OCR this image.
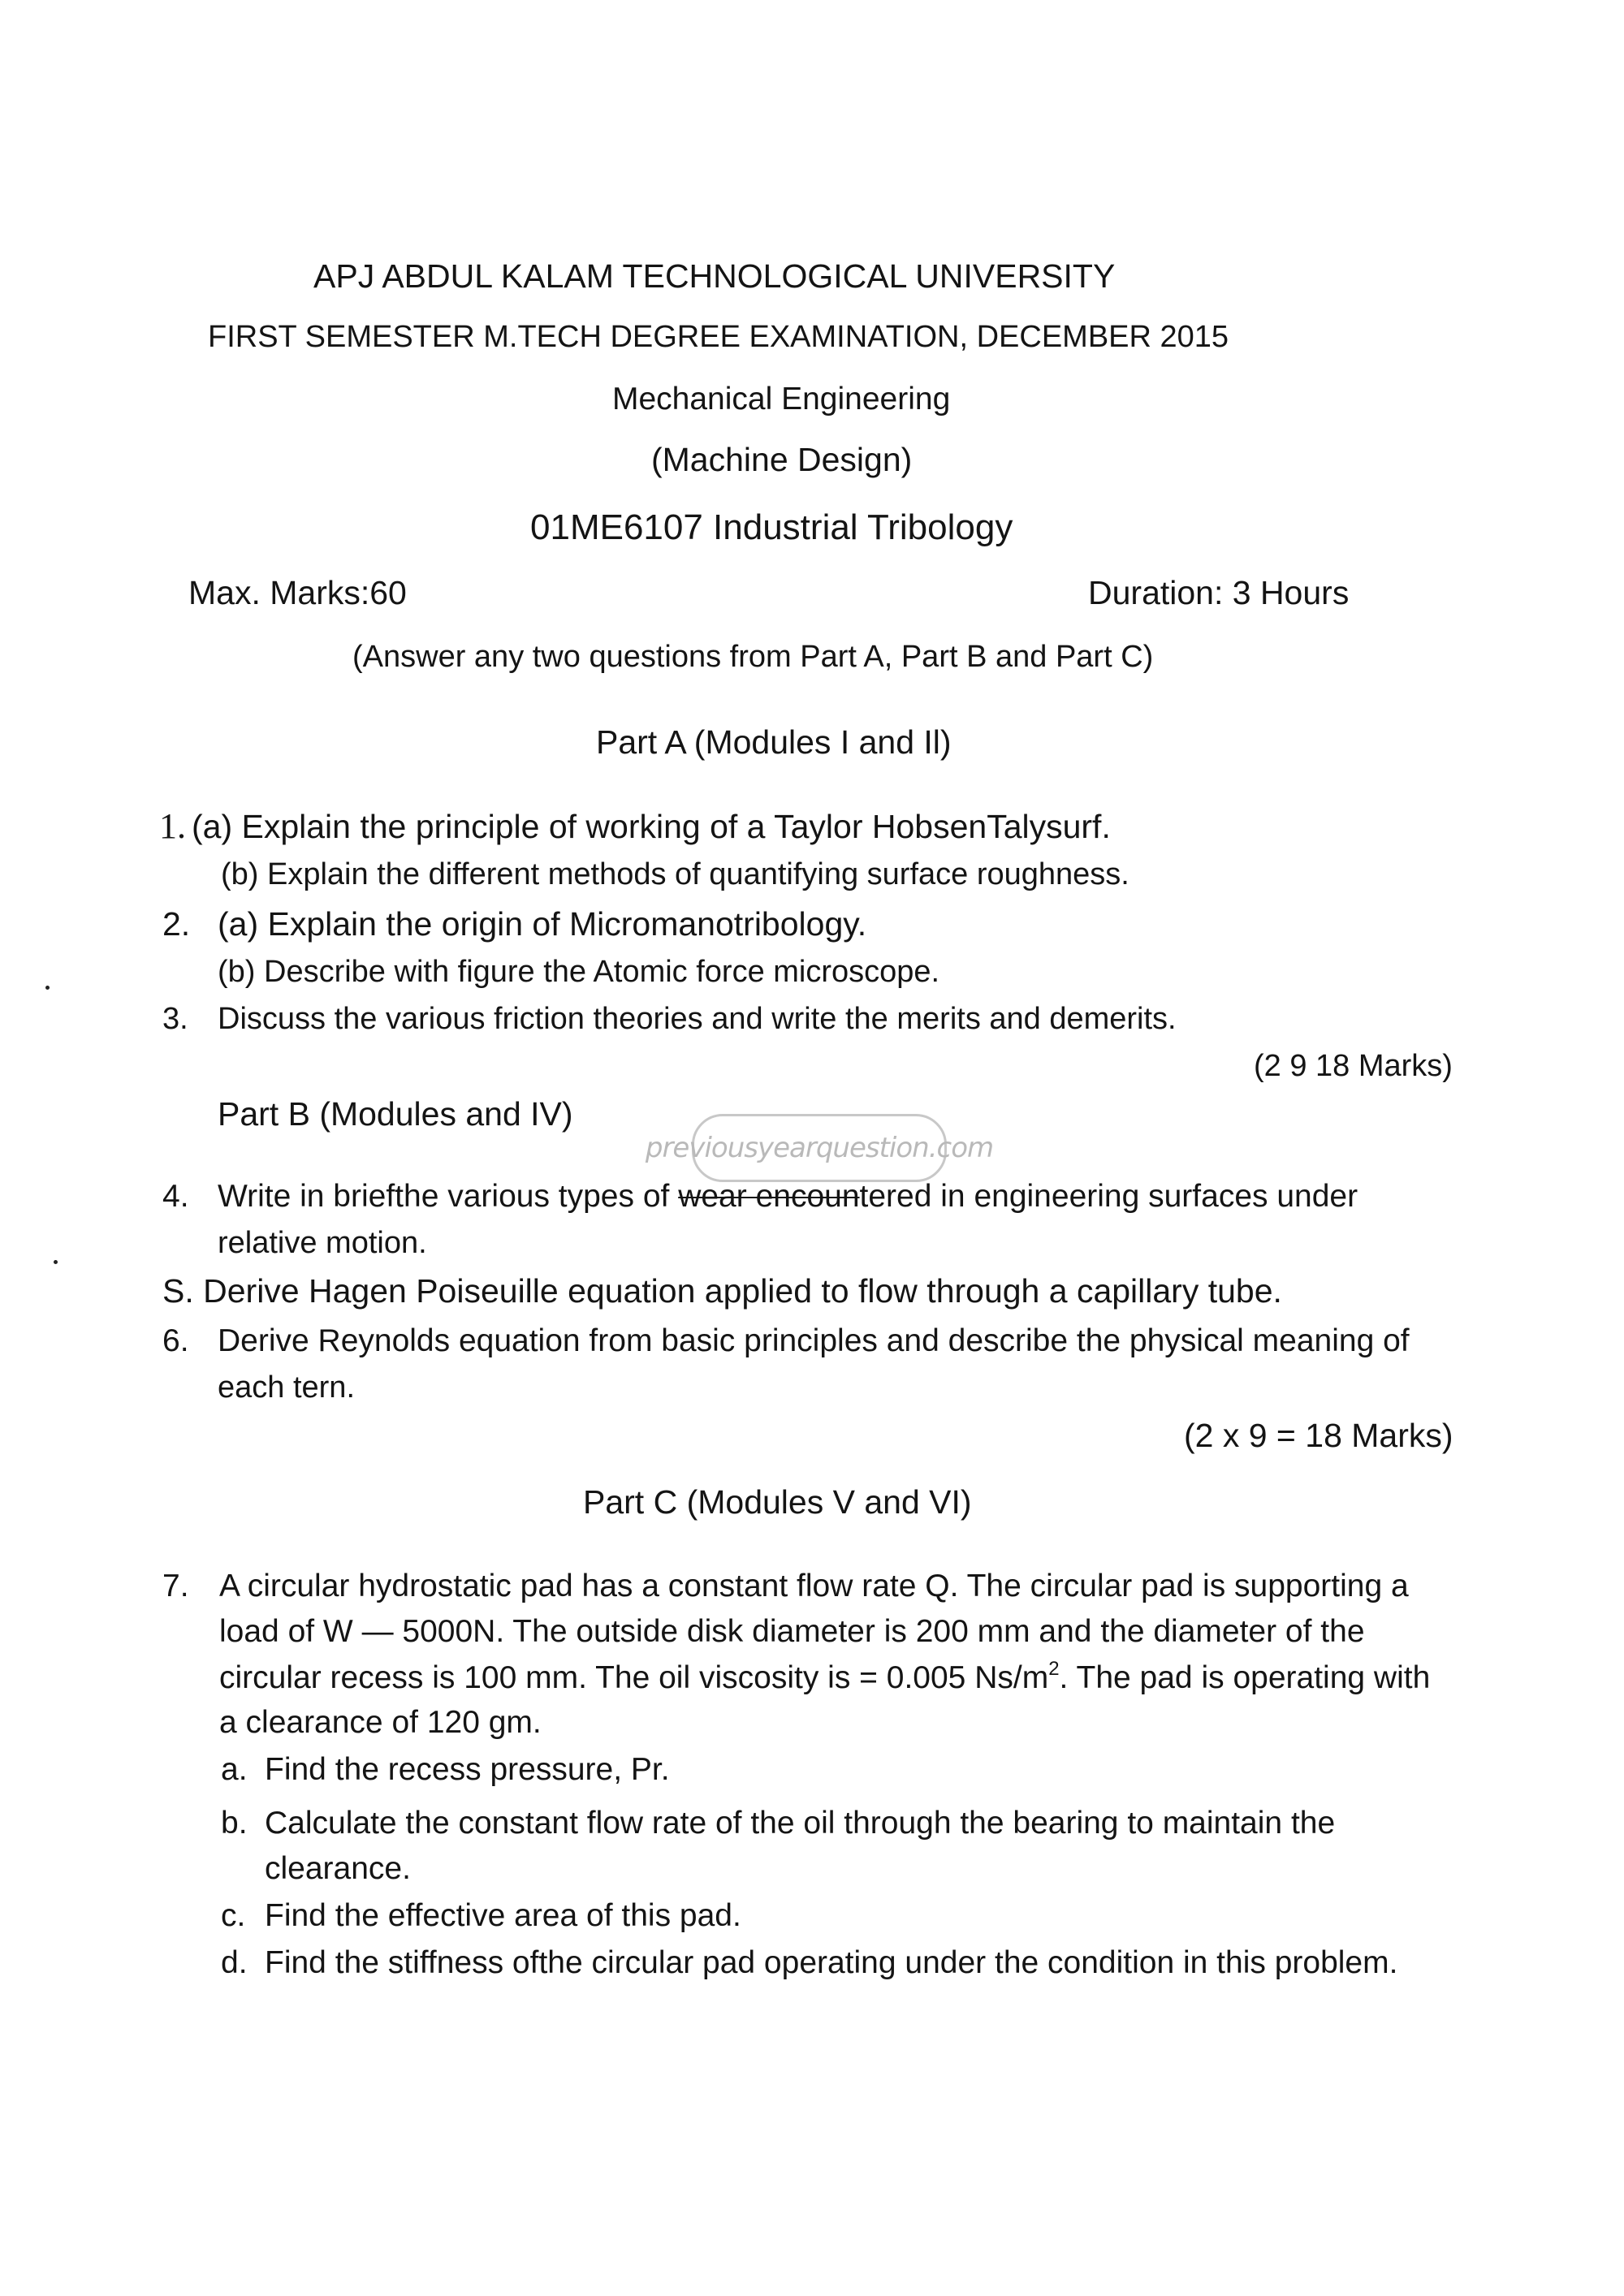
APJ ABDUL KALAM TECHNOLOGICAL UNIVERSITY
FIRST SEMESTER M.TECH DEGREE EXAMINATION, DECEMBER 2015
Mechanical Engineering
(Machine Design)
01ME6107 Industrial Tribology
Max. Marks:60	Duration: 3 Hours
(Answer any two questions from Part A, Part B and Part C)
Part A (Modules I and Il)
1. (a) Explain the principle of working of a Taylor HobsenTalysurf.
(b) Explain the different methods of quantifying surface roughness.
2. (a) Explain the origin of Micromanotribology.
(b) Describe with figure the Atomic force microscope.
3. Discuss the various friction theories and write the merits and demerits.
(2 9 18 Marks)
Part B (Modules and IV)
previousyearquestion.com
4. Write in briefthe various types of wear encountered in engineering surfaces under
relative motion.
S. Derive Hagen Poiseuille equation applied to flow through a capillary tube.
6. Derive Reynolds equation from basic principles and describe the physical meaning of
each tern.
(2 x 9 = 18 Marks)
Part C (Modules V and VI)
7. A circular hydrostatic pad has a constant flow rate Q. The circular pad is supporting a
load of W — 5000N. The outside disk diameter is 200 mm and the diameter of the
circular recess is 100 mm. The oil viscosity is = 0.005 $Ns/m^2$. The pad is operating with
a clearance of 120 gm.
a. Find the recess pressure, Pr.
b. Calculate the constant flow rate of the oil through the bearing to maintain the
clearance.
c. Find the effective area of this pad.
d. Find the stiffness ofthe circular pad operating under the condition in this problem.
